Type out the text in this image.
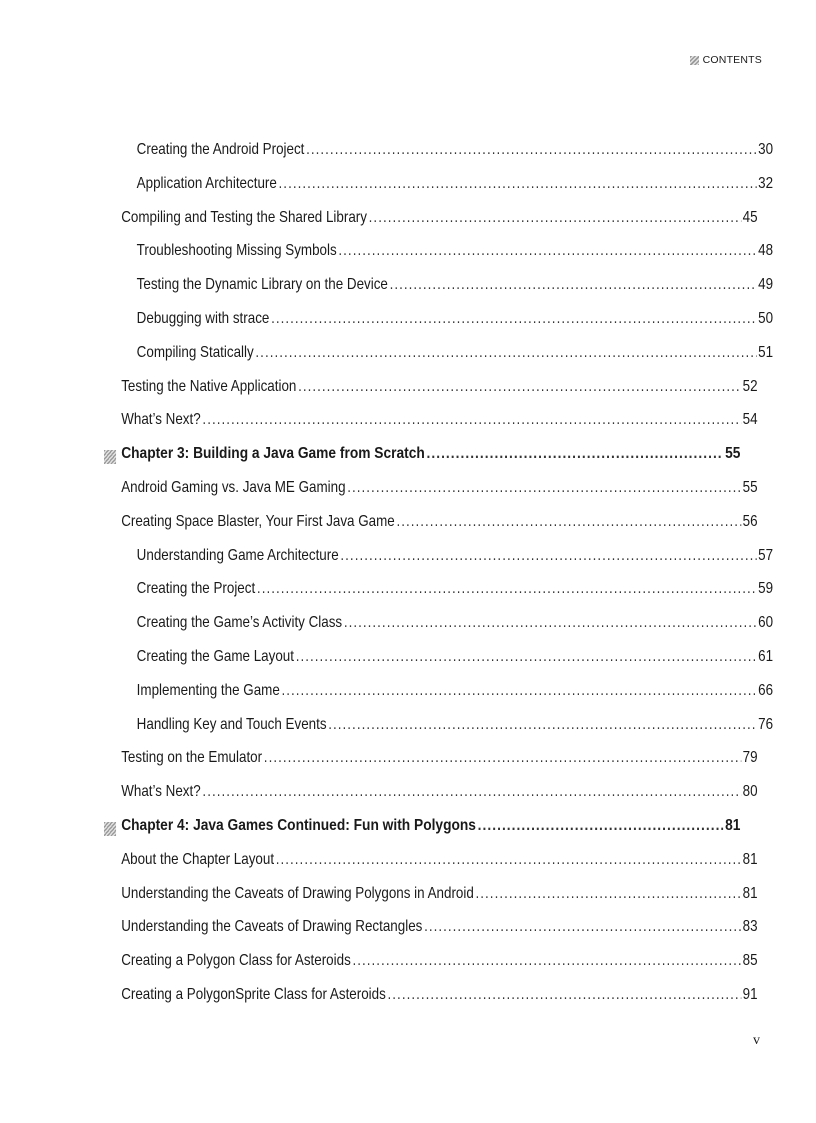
CONTENTS
Creating the Android Project .....	30
Application Architecture .....	32
Compiling and Testing the Shared Library .....	45
Troubleshooting Missing Symbols .....	48
Testing the Dynamic Library on the Device .....	49
Debugging with strace .....	50
Compiling Statically .....	51
Testing the Native Application .....	52
What’s Next? .....	54
Chapter 3: Building a Java Game from Scratch .....	55
Android Gaming vs. Java ME Gaming .....	55
Creating Space Blaster, Your First Java Game .....	56
Understanding Game Architecture .....	57
Creating the Project .....	59
Creating the Game’s Activity Class .....	60
Creating the Game Layout .....	61
Implementing the Game .....	66
Handling Key and Touch Events .....	76
Testing on the Emulator .....	79
What’s Next? .....	80
Chapter 4: Java Games Continued: Fun with Polygons .....	81
About the Chapter Layout .....	81
Understanding the Caveats of Drawing Polygons in Android .....	81
Understanding the Caveats of Drawing Rectangles .....	83
Creating a Polygon Class for Asteroids .....	85
Creating a PolygonSprite Class for Asteroids .....	91
v
